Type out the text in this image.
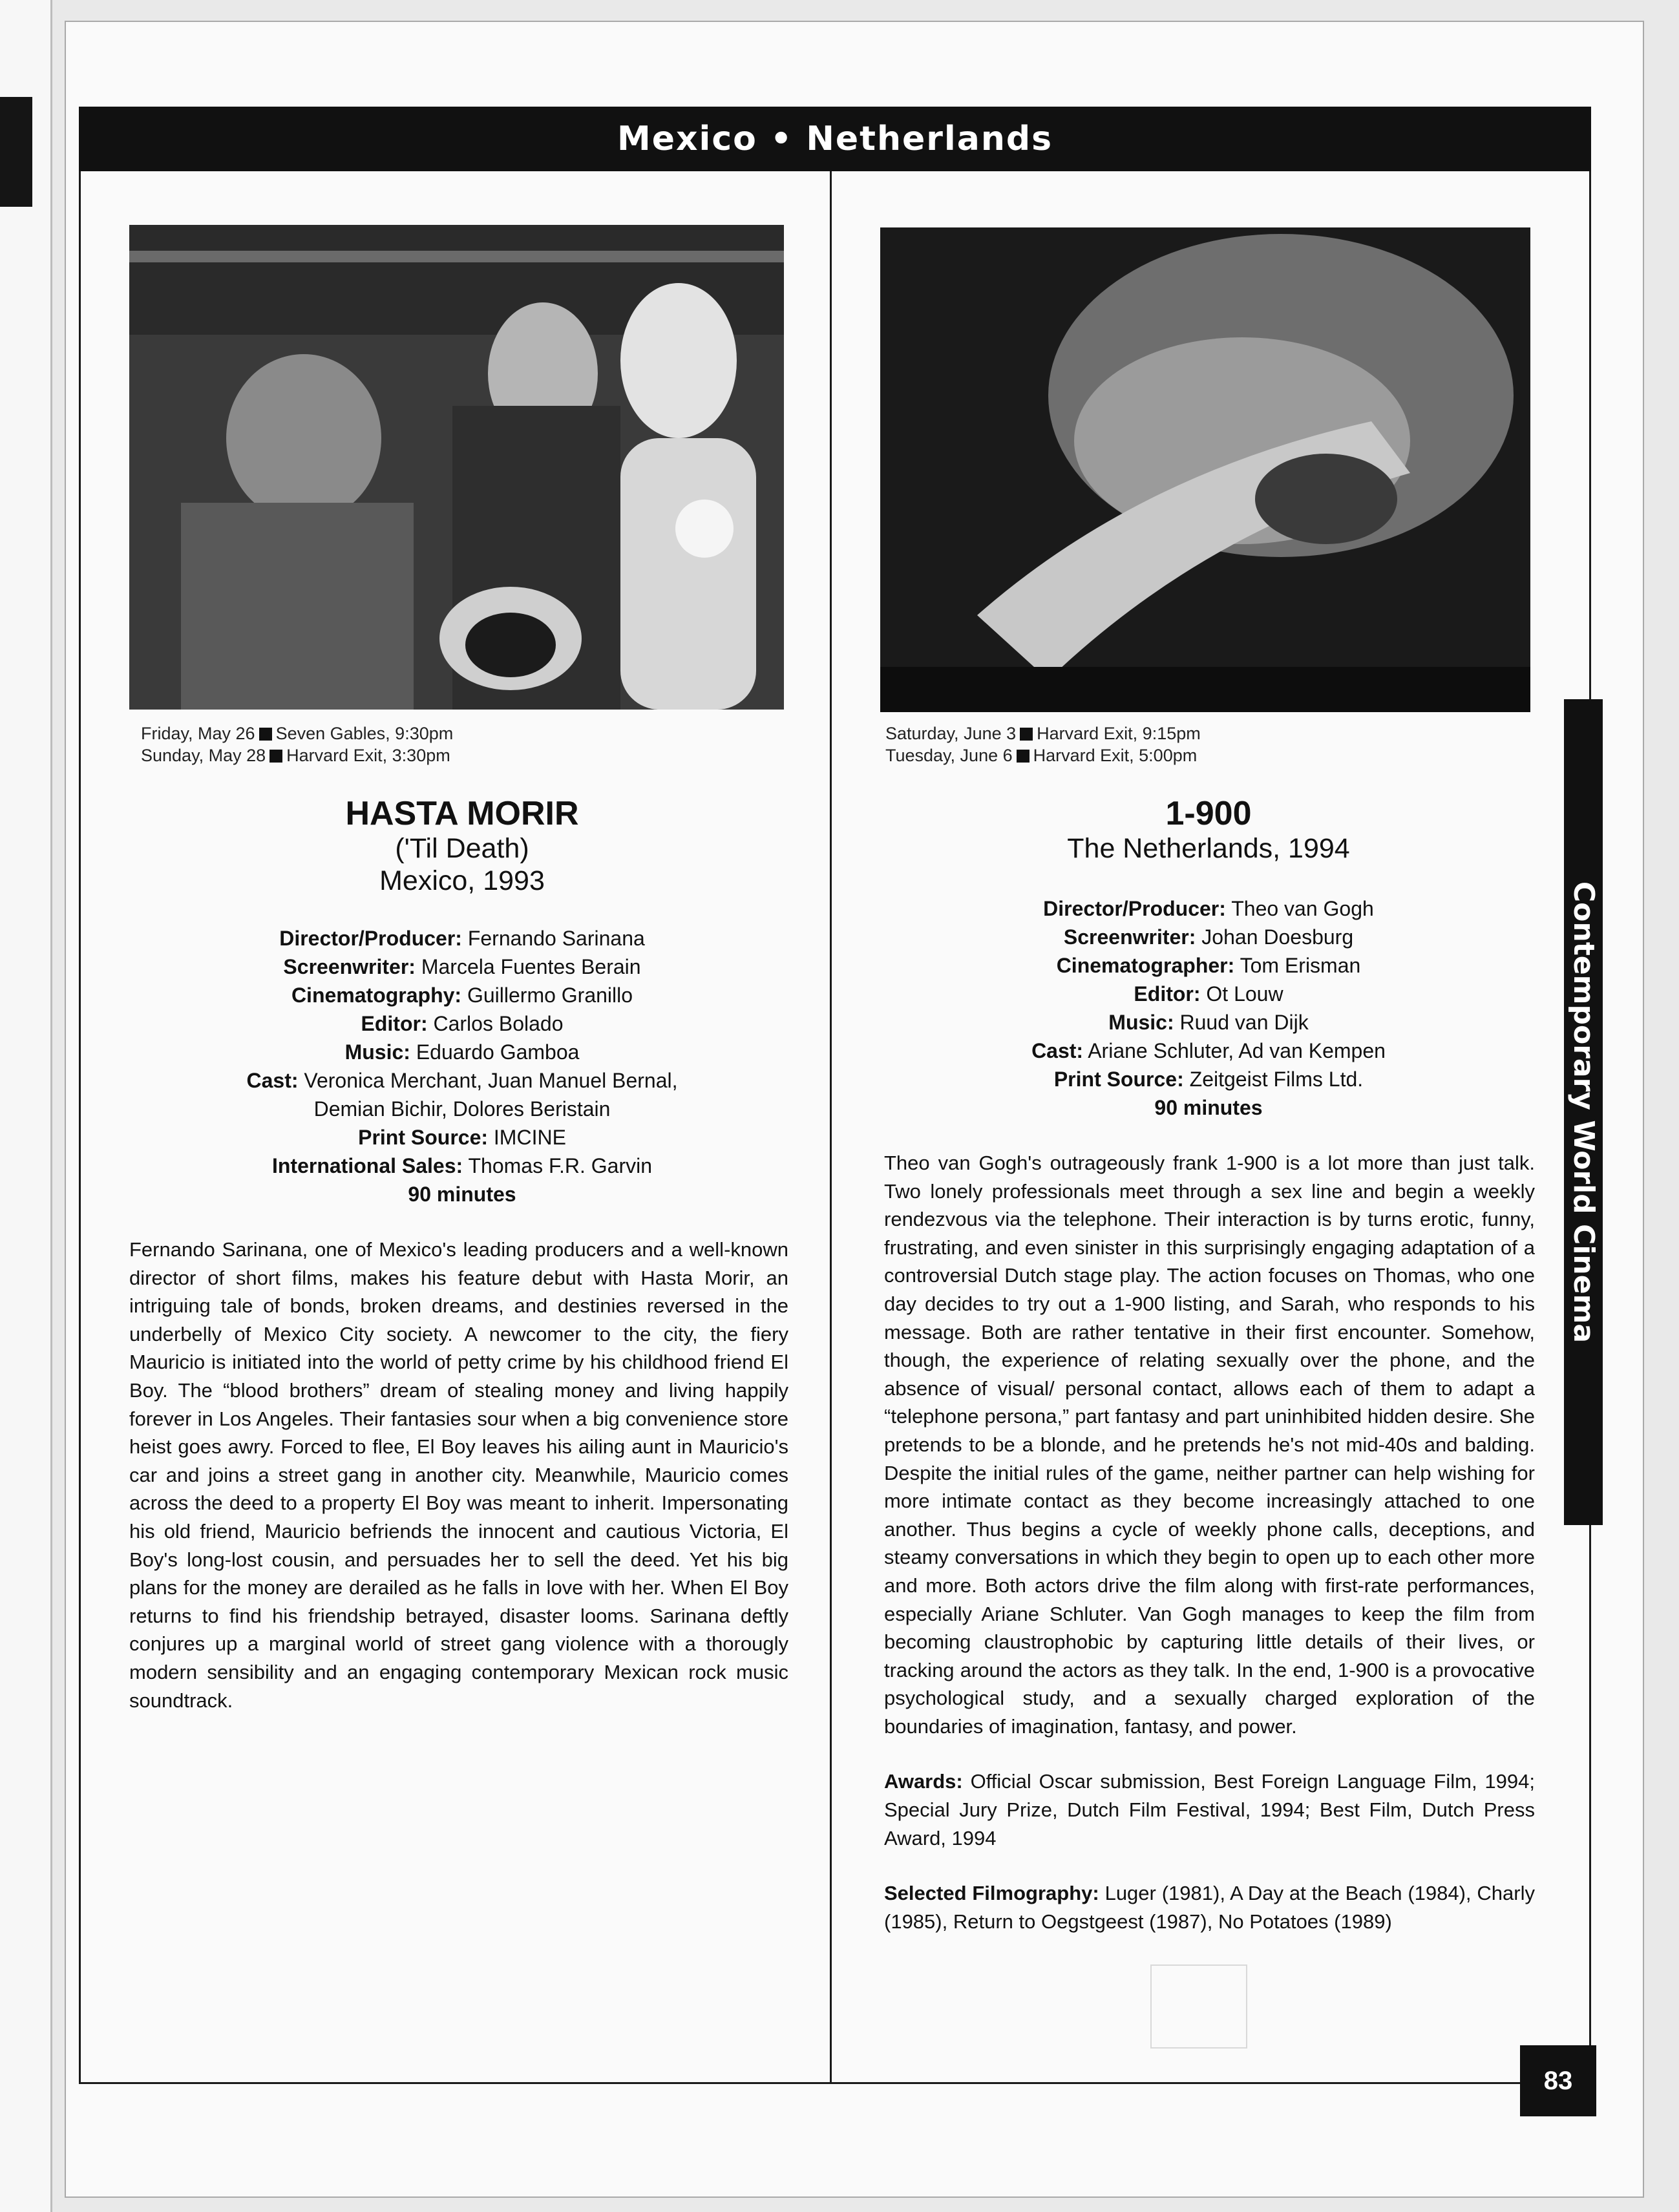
Mexico • Netherlands
Friday, May 26 Seven Gables, 9:30pm
Sunday, May 28 Harvard Exit, 3:30pm
Saturday, June 3 Harvard Exit, 9:15pm
Tuesday, June 6 Harvard Exit, 5:00pm
HASTA MORIR
('Til Death)
Mexico, 1993
1-900
The Netherlands, 1994
Director/Producer: Fernando Sarinana
Screenwriter: Marcela Fuentes Berain
Cinematography: Guillermo Granillo
Editor: Carlos Bolado
Music: Eduardo Gamboa
Cast: Veronica Merchant, Juan Manuel Bernal,
Demian Bichir, Dolores Beristain
Print Source: IMCINE
International Sales: Thomas F.R. Garvin
90 minutes
Director/Producer: Theo van Gogh
Screenwriter: Johan Doesburg
Cinematographer: Tom Erisman
Editor: Ot Louw
Music: Ruud van Dijk
Cast: Ariane Schluter, Ad van Kempen
Print Source: Zeitgeist Films Ltd.
90 minutes

Fernando Sarinana, one of Mexico's leading producers and a well-known director of short films, makes his feature debut with Hasta Morir, an intriguing tale of bonds, broken dreams, and destinies reversed in the underbelly of Mexico City society. A newcomer to the city, the fiery Mauricio is initiated into the world of petty crime by his childhood friend El Boy. The “blood brothers” dream of stealing money and living happily forever in Los Angeles. Their fantasies sour when a big convenience store heist goes awry. Forced to flee, El Boy leaves his ailing aunt in Mauricio's car and joins a street gang in another city. Meanwhile, Mauricio comes across the deed to a property El Boy was meant to inherit. Impersonating his old friend, Mauricio befriends the innocent and cautious Victoria, El Boy's long-lost cousin, and persuades her to sell the deed. Yet his big plans for the money are derailed as he falls in love with her. When El Boy returns to find his friendship betrayed, disaster looms. Sarinana deftly conjures up a marginal world of street gang violence with a thorougly modern sensibility and an engaging contemporary Mexican rock music soundtrack.

Theo van Gogh's outrageously frank 1-900 is a lot more than just talk. Two lonely professionals meet through a sex line and begin a weekly rendezvous via the telephone. Their interaction is by turns erotic, funny, frustrating, and even sinister in this surprisingly engaging adaptation of a controversial Dutch stage play. The action focuses on Thomas, who one day decides to try out a 1-900 listing, and Sarah, who responds to his message. Both are rather tentative in their first encounter. Somehow, though, the experience of relating sexually over the phone, and the absence of visual/ personal contact, allows each of them to adapt a “telephone persona,” part fantasy and part uninhibited hidden desire. She pretends to be a blonde, and he pretends he's not mid-40s and balding. Despite the initial rules of the game, neither partner can help wishing for more intimate contact as they become increasingly attached to one another. Thus begins a cycle of weekly phone calls, deceptions, and steamy conversations in which they begin to open up to each other more and more. Both actors drive the film along with first-rate performances, especially Ariane Schluter. Van Gogh manages to keep the film from becoming claustrophobic by capturing little details of their lives, or tracking around the actors as they talk. In the end, 1-900 is a provocative psychological study, and a sexually charged exploration of the boundaries of imagination, fantasy, and power.

Awards: Official Oscar submission, Best Foreign Language Film, 1994; Special Jury Prize, Dutch Film Festival, 1994; Best Film, Dutch Press Award, 1994

Selected Filmography: Luger (1981), A Day at the Beach (1984), Charly (1985), Return to Oegstgeest (1987), No Potatoes (1989)

Contemporary World Cinema
83
